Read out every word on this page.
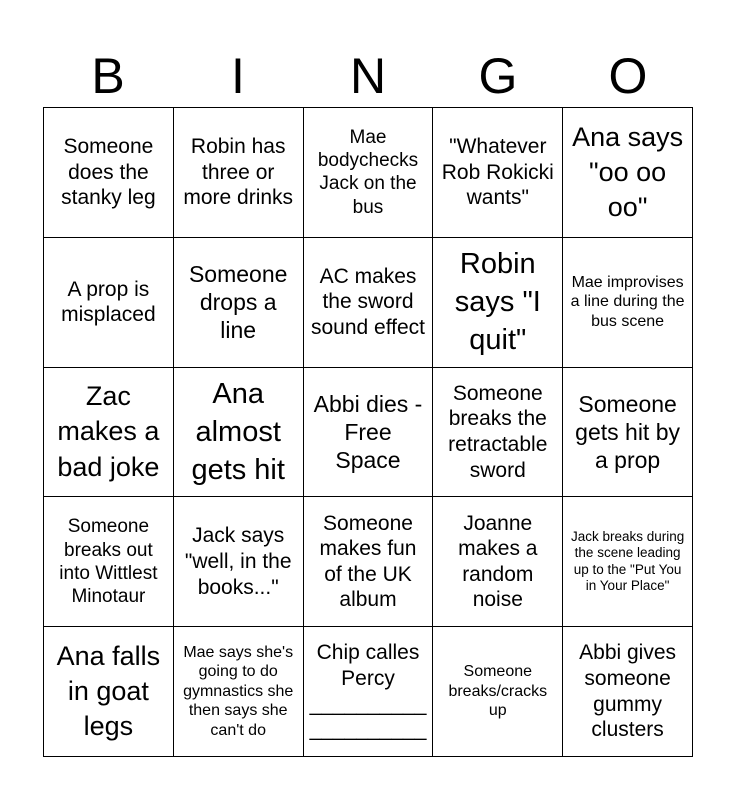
B	I	N	G	O
Someone does the stanky leg
Robin has three or more drinks
Mae bodychecks Jack on the bus
"Whatever Rob Rokicki wants"
Ana says "oo oo oo"
A prop is misplaced
Someone drops a line
AC makes the sword sound effect
Robin says "I quit"
Mae improvises a line during the bus scene
Zac makes a bad joke
Ana almost gets hit
Abbi dies - Free Space
Someone breaks the retractable sword
Someone gets hit by a prop
Someone breaks out into Wittlest Minotaur
Jack says "well, in the books..."
Someone makes fun of the UK album
Joanne makes a random noise
Jack breaks during the scene leading up to the "Put You in Your Place"
Ana falls in goat legs
Mae says she's going to do gymnastics she then says she can't do
Chip calles Percy __________ __________
Someone breaks/cracks up
Abbi gives someone gummy clusters
